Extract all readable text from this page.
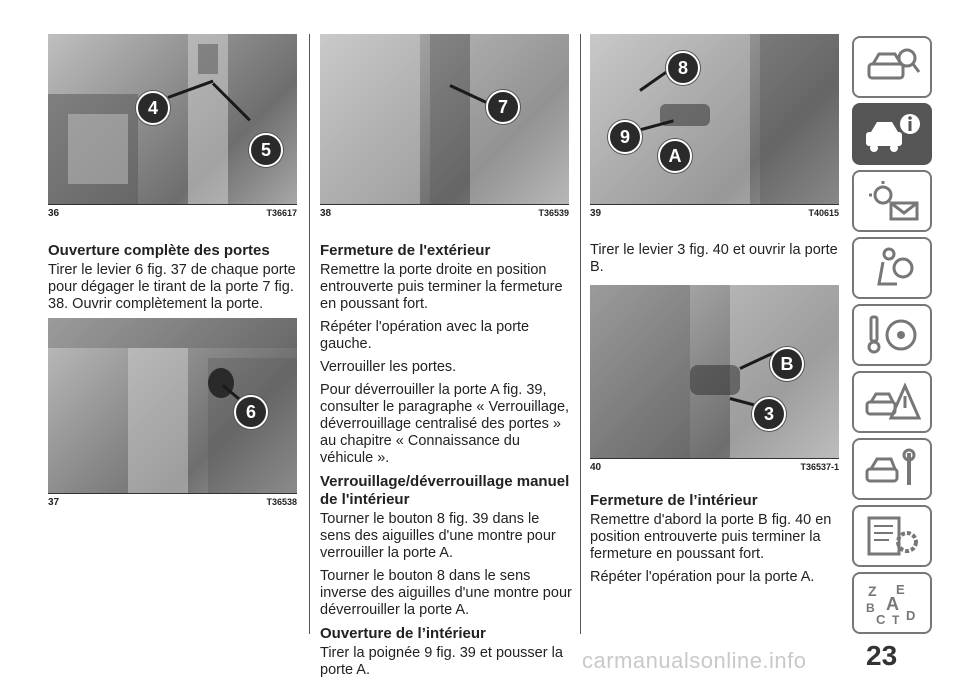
4
5
36	T36617
Ouverture complète des portes

Tirer le levier 6 fig. 37 de chaque porte pour dégager le tirant de la porte 7 fig. 38. Ouvrir complètement la porte.

6
37	T36538
7
38	T36539
Fermeture de l'extérieur

Remettre la porte droite en position entrouverte puis terminer la fermeture en poussant fort.

Répéter l'opération avec la porte gauche.

Verrouiller les portes.

Pour déverrouiller la porte A fig. 39, consulter le paragraphe « Verrouillage, déverrouillage centralisé des portes » au chapitre « Connaissance du véhicule ».

Verrouillage/déverrouillage manuel de l'intérieur

Tourner le bouton 8 fig. 39 dans le sens des aiguilles d'une montre pour verrouiller la porte A.

Tourner le bouton 8 dans le sens inverse des aiguilles d'une montre pour déverrouiller la porte A.

Ouverture de l’intérieur

Tirer la poignée 9 fig. 39 et pousser la porte A.

8
9
A
39	T40615

Tirer le levier 3 fig. 40 et ouvrir la porte B.

B
3
40	T36537-1
Fermeture de l’intérieur

Remettre d'abord la porte B fig. 40 en position entrouverte puis terminer la fermeture en poussant fort.

Répéter l'opération pour la porte A.

Z E
B A
C T D
23
carmanualsonline.info
